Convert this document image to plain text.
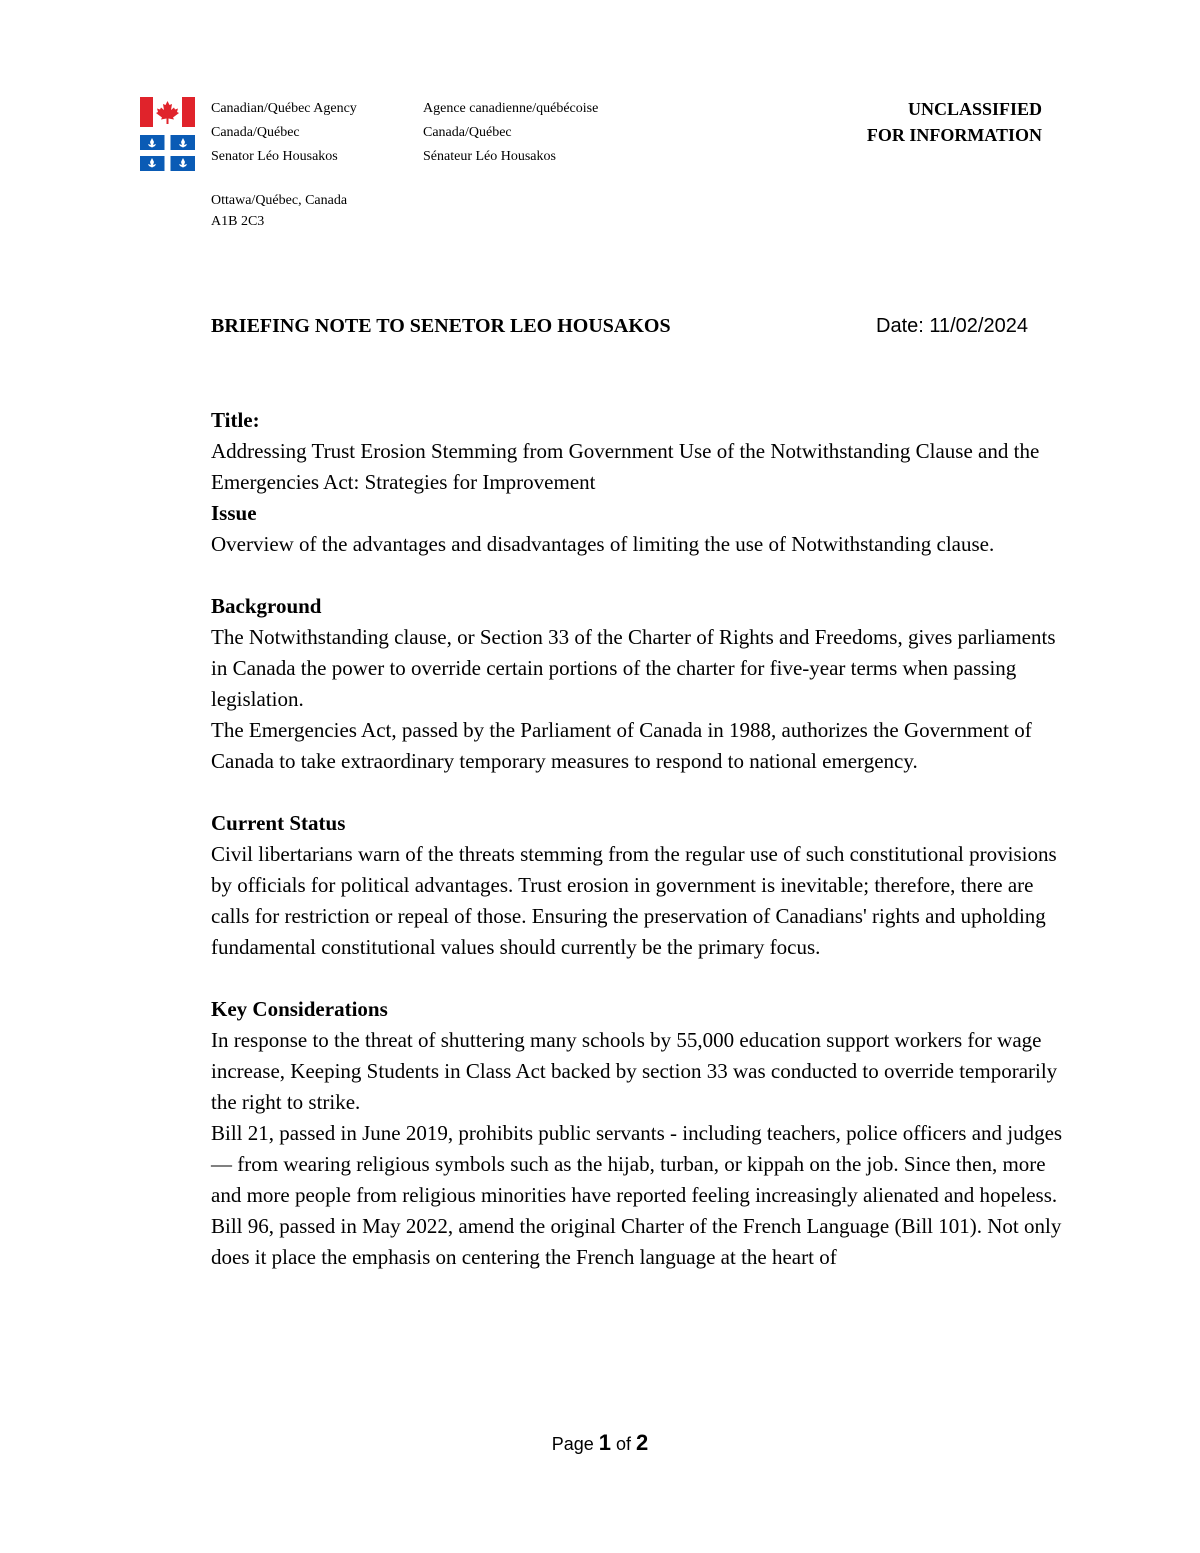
Canadian/Québec Agency
Canada/Québec
Senator Léo Housakos
Agence canadienne/québécoise
Canada/Québec
Sénateur Léo Housakos
Ottawa/Québec, Canada
A1B 2C3
UNCLASSIFIED
FOR INFORMATION
BRIEFING NOTE TO SENETOR LEO HOUSAKOS	Date: 11/02/2024
Title:

Addressing Trust Erosion Stemming from Government Use of the Notwithstanding Clause and the Emergencies Act: Strategies for Improvement

Issue

Overview of the advantages and disadvantages of limiting the use of Notwithstanding clause.

Background

The Notwithstanding clause, or Section 33 of the Charter of Rights and Freedoms, gives parliaments in Canada the power to override certain portions of the charter for five-year terms when passing legislation.

The Emergencies Act, passed by the Parliament of Canada in 1988, authorizes the Government of Canada to take extraordinary temporary measures to respond to national emergency.

Current Status

Civil libertarians warn of the threats stemming from the regular use of such constitutional provisions by officials for political advantages. Trust erosion in government is inevitable; therefore, there are calls for restriction or repeal of those. Ensuring the preservation of Canadians' rights and upholding fundamental constitutional values should currently be the primary focus.

Key Considerations

In response to the threat of shuttering many schools by 55,000 education support workers for wage increase, Keeping Students in Class Act backed by section 33 was conducted to override temporarily the right to strike.

Bill 21, passed in June 2019, prohibits public servants - including teachers, police officers and judges — from wearing religious symbols such as the hijab, turban, or kippah on the job. Since then, more and more people from religious minorities have reported feeling increasingly alienated and hopeless.

Bill 96, passed in May 2022, amend the original Charter of the French Language (Bill 101). Not only does it place the emphasis on centering the French language at the heart of

Page 1 of 2
